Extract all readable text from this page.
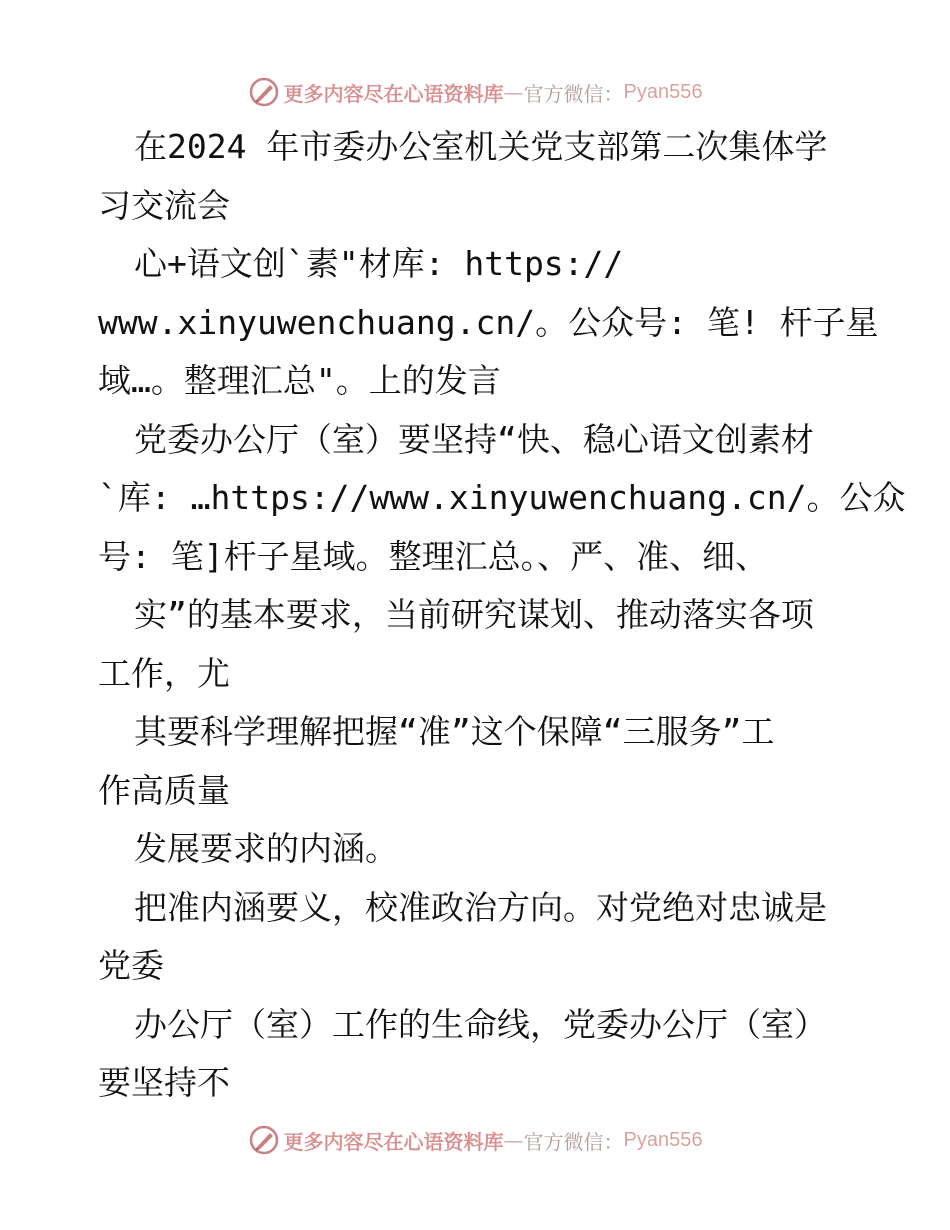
更多内容尽在心语资料库 — 官方微信： Pyan556
在2024 年市委办公室机关党支部第二次集体学
习交流会
心+语文创`素"材库: https://
www.xinyuwenchuang.cn/。公众号: 笔! 杆子星
域…。整理汇总"。上的发言
党委办公厅（室）要坚持“快、稳心语文创素材
`库: …https://www.xinyuwenchuang.cn/。公众
号: 笔]杆子星域。整理汇总。、严、准、细、
实”的基本要求，当前研究谋划、推动落实各项
工作，尤
其要科学理解把握“准”这个保障“三服务”工
作高质量
发展要求的内涵。
把准内涵要义，校准政治方向。对党绝对忠诚是
党委
办公厅（室）工作的生命线，党委办公厅（室）
要坚持不
更多内容尽在心语资料库 — 官方微信： Pyan556
